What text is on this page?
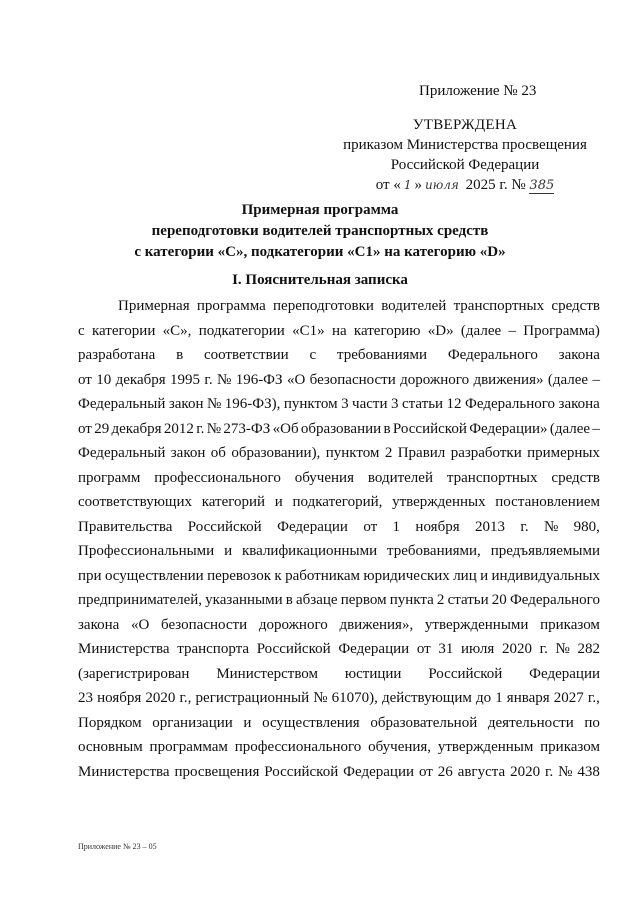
Приложение № 23
УТВЕРЖДЕНА
приказом Министерства просвещения
Российской Федерации
от « 1 » июля 2025 г. № 385
Примерная программа
переподготовки водителей транспортных средств
с категории «С», подкатегории «С1» на категорию «D»
I. Пояснительная записка
Примерная программа переподготовки водителей транспортных средств
с категории «С», подкатегории «С1» на категорию «D» (далее – Программа)
разработана в соответствии с требованиями Федерального закона
от 10 декабря 1995 г. № 196-ФЗ «О безопасности дорожного движения» (далее –
Федеральный закон № 196-ФЗ), пунктом 3 части 3 статьи 12 Федерального закона
от 29 декабря 2012 г. № 273-ФЗ «Об образовании в Российской Федерации» (далее –
Федеральный закон об образовании), пунктом 2 Правил разработки примерных
программ профессионального обучения водителей транспортных средств
соответствующих категорий и подкатегорий, утвержденных постановлением
Правительства Российской Федерации от 1 ноября 2013 г. № 980,
Профессиональными и квалификационными требованиями, предъявляемыми
при осуществлении перевозок к работникам юридических лиц и индивидуальных
предпринимателей, указанными в абзаце первом пункта 2 статьи 20 Федерального
закона «О безопасности дорожного движения», утвержденными приказом
Министерства транспорта Российской Федерации от 31 июля 2020 г. № 282
(зарегистрирован Министерством юстиции Российской Федерации
23 ноября 2020 г., регистрационный № 61070), действующим до 1 января 2027 г.,
Порядком организации и осуществления образовательной деятельности по
основным программам профессионального обучения, утвержденным приказом
Министерства просвещения Российской Федерации от 26 августа 2020 г. № 438
Приложение № 23 – 05
